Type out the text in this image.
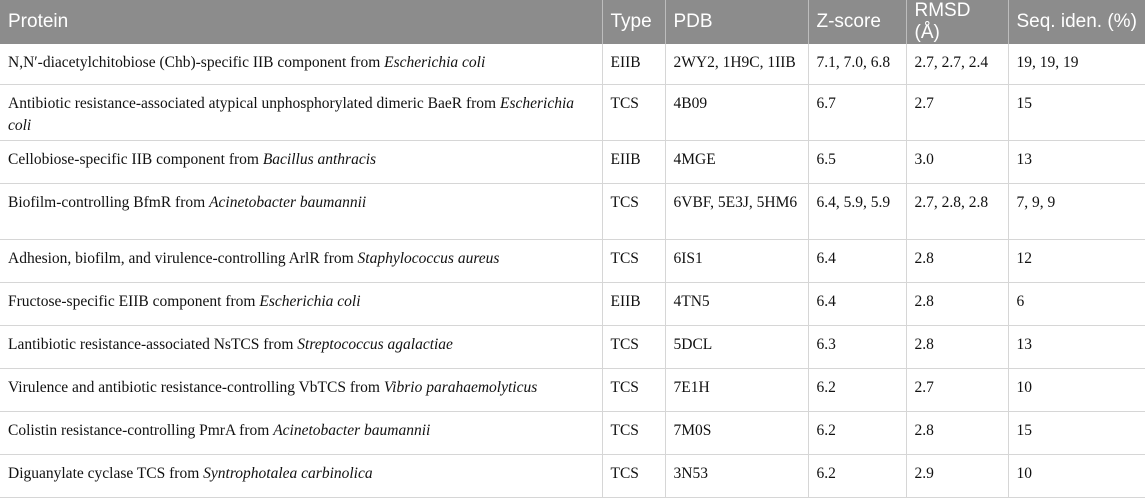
Protein	Type	PDB	Z-score	RMSD (Å)	Seq. iden. (%)
N,N′-diacetylchitobiose (Chb)-specific IIB component from Escherichia coli	EIIB	2WY2, 1H9C, 1IIB	7.1, 7.0, 6.8	2.7, 2.7, 2.4	19, 19, 19
Antibiotic resistance-associated atypical unphosphorylated dimeric BaeR from Escherichia coli	TCS	4B09	6.7	2.7	15
Cellobiose-specific IIB component from Bacillus anthracis	EIIB	4MGE	6.5	3.0	13
Biofilm-controlling BfmR from Acinetobacter baumannii	TCS	6VBF, 5E3J, 5HM6	6.4, 5.9, 5.9	2.7, 2.8, 2.8	7, 9, 9
Adhesion, biofilm, and virulence-controlling ArlR from Staphylococcus aureus	TCS	6IS1	6.4	2.8	12
Fructose-specific EIIB component from Escherichia coli	EIIB	4TN5	6.4	2.8	6
Lantibiotic resistance-associated NsTCS from Streptococcus agalactiae	TCS	5DCL	6.3	2.8	13
Virulence and antibiotic resistance-controlling VbTCS from Vibrio parahaemolyticus	TCS	7E1H	6.2	2.7	10
Colistin resistance-controlling PmrA from Acinetobacter baumannii	TCS	7M0S	6.2	2.8	15
Diguanylate cyclase TCS from Syntrophotalea carbinolica	TCS	3N53	6.2	2.9	10
